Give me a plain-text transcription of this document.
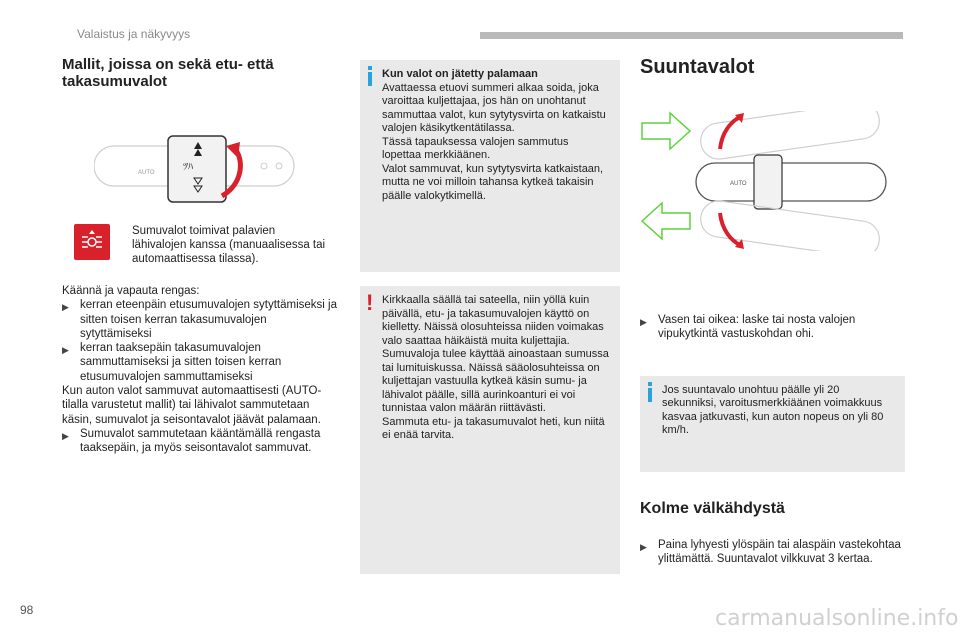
Valaistus ja näkyvyys
Mallit, joissa on sekä etu- että takasumuvalot
AUTO	ﾂﾊ

Sumuvalot toimivat palavien lähivalojen kanssa (manuaalisessa tai automaattisessa tilassa).

Käännä ja vapauta rengas:

▶ kerran eteenpäin etusumuvalojen sytyttämiseksi ja sitten toisen kerran takasumuvalojen sytyttämiseksi
▶ kerran taaksepäin takasumuvalojen sammuttamiseksi ja sitten toisen kerran etusumuvalojen sammuttamiseksi

Kun auton valot sammuvat automaattisesti (AUTO-tilalla varustetut mallit) tai lähivalot sammutetaan käsin, sumuvalot ja seisontavalot jäävät palamaan.

▶ Sumuvalot sammutetaan kääntämällä rengasta taaksepäin, ja myös seisontavalot sammuvat.

Kun valot on jätetty palamaan

Avattaessa etuovi summeri alkaa soida, joka varoittaa kuljettajaa, jos hän on unohtanut sammuttaa valot, kun sytytysvirta on katkaistu valojen käsikytkentätilassa.
Tässä tapauksessa valojen sammutus lopettaa merkkiäänen.
Valot sammuvat, kun sytytysvirta katkaistaan, mutta ne voi milloin tahansa kytkeä takaisin päälle valokytkimellä.

! Kirkkaalla säällä tai sateella, niin yöllä kuin päivällä, etu- ja takasumuvalojen käyttö on kielletty. Näissä olosuhteissa niiden voimakas valo saattaa häikäistä muita kuljettajia. Sumuvaloja tulee käyttää ainoastaan sumussa tai lumituiskussa. Näissä sääolosuhteissa on kuljettajan vastuulla kytkeä käsin sumu- ja lähivalot päälle, sillä aurinkoanturi ei voi tunnistaa valon määrän riittävästi.
Sammuta etu- ja takasumuvalot heti, kun niitä ei enää tarvita.

Suuntavalot
AUTO
▶ Vasen tai oikea: laske tai nosta valojen vipukytkintä vastuskohdan ohi.

Jos suuntavalo unohtuu päälle yli 20 sekunniksi, varoitusmerkkiäänen voimakkuus kasvaa jatkuvasti, kun auton nopeus on yli 80 km/h.

Kolme välkähdystä
▶ Paina lyhyesti ylöspäin tai alaspäin vastekohtaa ylittämättä. Suuntavalot vilkkuvat 3 kertaa.
98	carmanualsonline.info
